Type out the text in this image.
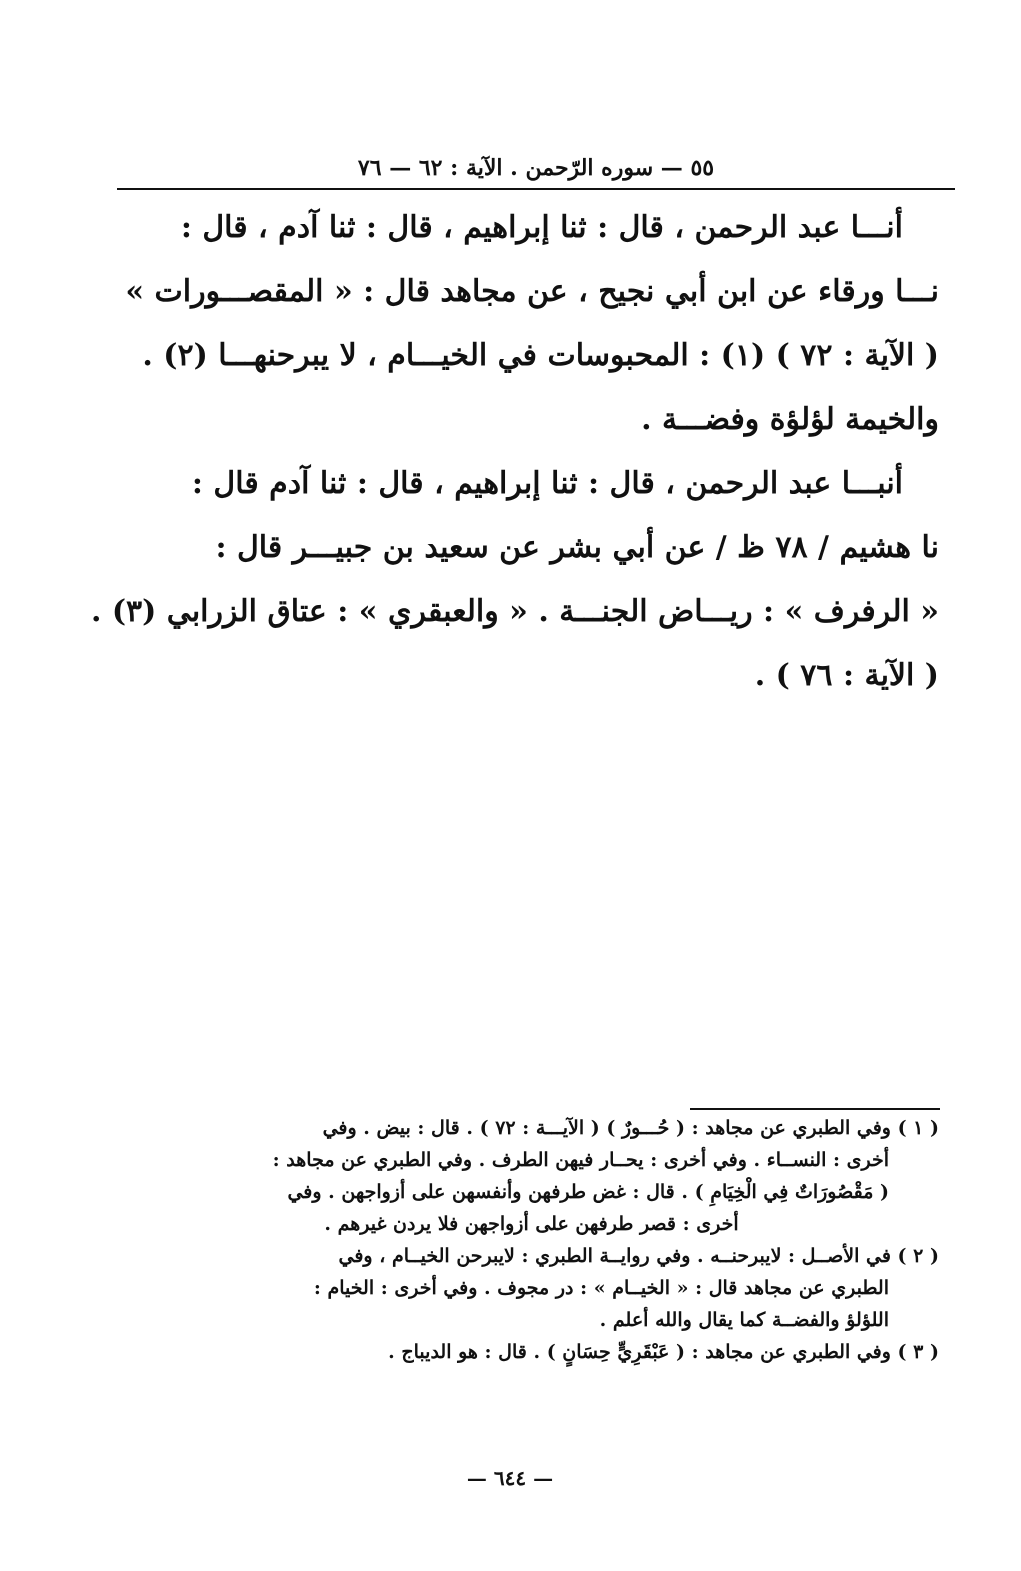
٥٥ — سوره الرّحمن . الآية : ٦٢ — ٧٦
أنـــا عبد الرحمن ، قال : ثنا إبراهيم ، قال : ثنا آدم ، قال :
نـــا ورقاء عن ابن أبي نجيح ، عن مجاهد قال : « المقصـــورات »
( الآية : ٧٢ ) (١) : المحبوسات في الخيـــام ، لا يبرحنهـــا (٢) .
والخيمة لؤلؤة وفضـــة .
أنبـــا عبد الرحمن ، قال : ثنا إبراهيم ، قال : ثنا آدم قال :
نا هشيم / ٧٨ ظ / عن أبي بشر عن سعيد بن جبيـــر قال :
« الرفرف » : ريـــاض الجنـــة . « والعبقري » : عتاق الزرابي (٣) .
( الآية : ٧٦ ) .
( ١ ) وفي الطبري عن مجاهد : ( حُـــورٌ ) ( الآيـــة : ٧٢ ) . قال : بيض . وفي
أخرى : النســاء . وفي أخرى : يحــار فيهن الطرف . وفي الطبري عن مجاهد :
( مَقْصُورَاتٌ فِي الْخِيَامِ ) . قال : غض طرفهن وأنفسهن على أزواجهن . وفي
أخرى : قصر طرفهن على أزواجهن فلا يردن غيرهم .
( ٢ ) في الأصــل : لايبرحنــه . وفي روايــة الطبري : لايبرحن الخيــام ، وفي
الطبري عن مجاهد قال : « الخيــام » : در مجوف . وفي أخرى : الخيام :
اللؤلؤ والفضــة كما يقال والله أعلم .
( ٣ ) وفي الطبري عن مجاهد : ( عَبْقَرِيٍّ حِسَانٍ ) . قال : هو الديباج .
— ٦٤٤ —
